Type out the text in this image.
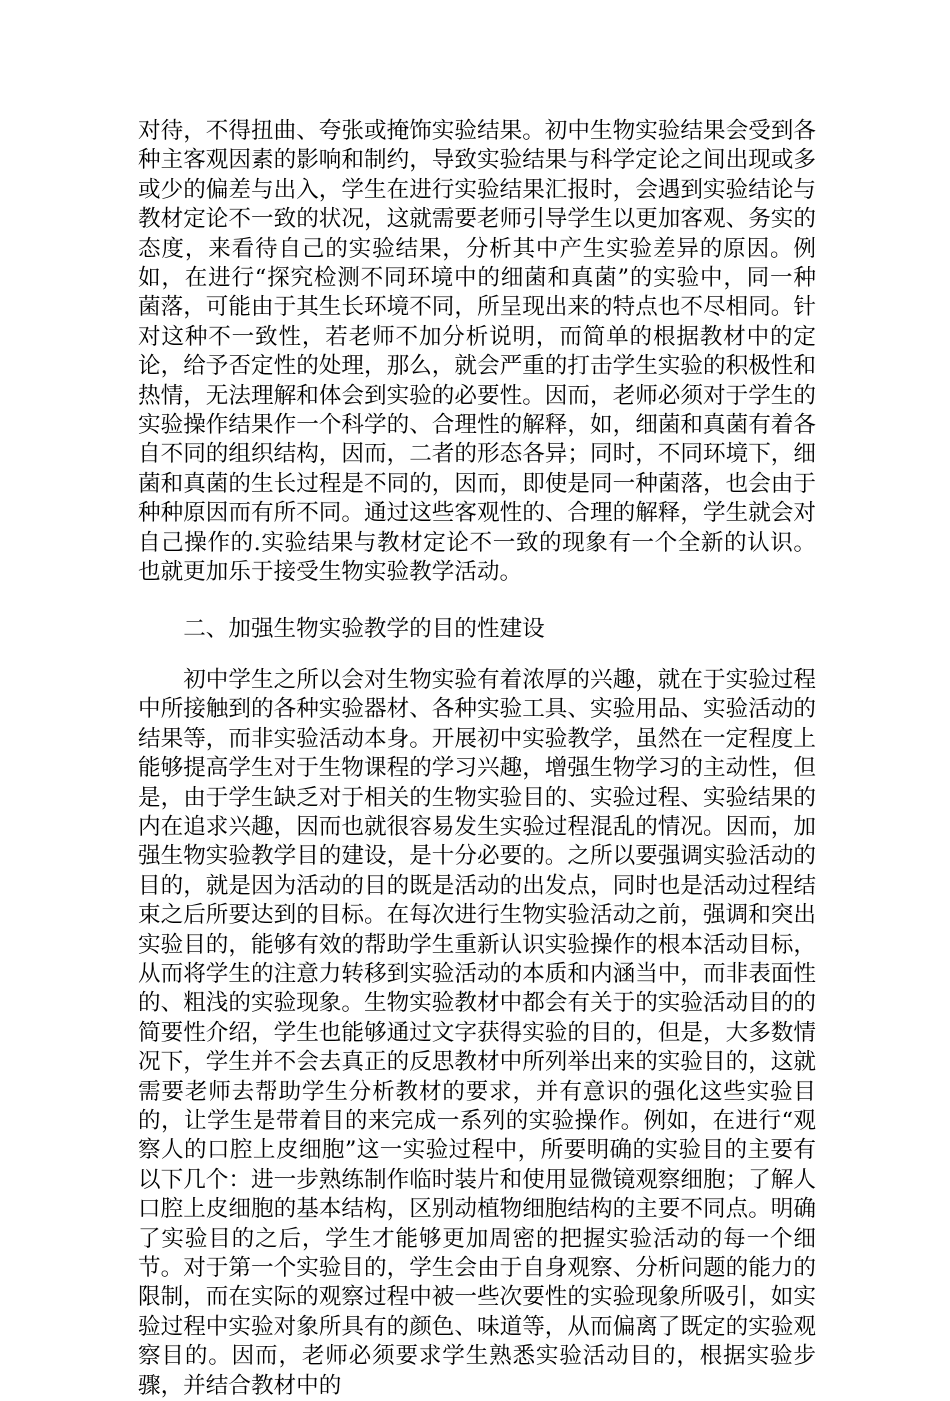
对待，不得扭曲、夸张或掩饰实验结果。初中生物实验结果会受到各种主客观因素的影响和制约，导致实验结果与科学定论之间出现或多或少的偏差与出入，学生在进行实验结果汇报时，会遇到实验结论与教材定论不一致的状况，这就需要老师引导学生以更加客观、务实的态度，来看待自己的实验结果，分析其中产生实验差异的原因。例如，在进行“探究检测不同环境中的细菌和真菌”的实验中，同一种菌落，可能由于其生长环境不同，所呈现出来的特点也不尽相同。针对这种不一致性，若老师不加分析说明，而简单的根据教材中的定论，给予否定性的处理，那么，就会严重的打击学生实验的积极性和热情，无法理解和体会到实验的必要性。因而，老师必须对于学生的实验操作结果作一个科学的、合理性的解释，如，细菌和真菌有着各自不同的组织结构，因而，二者的形态各异；同时，不同环境下，细菌和真菌的生长过程是不同的，因而，即使是同一种菌落，也会由于种种原因而有所不同。通过这些客观性的、合理的解释，学生就会对自己操作的.实验结果与教材定论不一致的现象有一个全新的认识。也就更加乐于接受生物实验教学活动。

二、加强生物实验教学的目的性建设

初中学生之所以会对生物实验有着浓厚的兴趣，就在于实验过程中所接触到的各种实验器材、各种实验工具、实验用品、实验活动的结果等，而非实验活动本身。开展初中实验教学，虽然在一定程度上能够提高学生对于生物课程的学习兴趣，增强生物学习的主动性，但是，由于学生缺乏对于相关的生物实验目的、实验过程、实验结果的内在追求兴趣，因而也就很容易发生实验过程混乱的情况。因而，加强生物实验教学目的建设，是十分必要的。之所以要强调实验活动的目的，就是因为活动的目的既是活动的出发点，同时也是活动过程结束之后所要达到的目标。在每次进行生物实验活动之前，强调和突出实验目的，能够有效的帮助学生重新认识实验操作的根本活动目标，从而将学生的注意力转移到实验活动的本质和内涵当中，而非表面性的、粗浅的实验现象。生物实验教材中都会有关于的实验活动目的的简要性介绍，学生也能够通过文字获得实验的目的，但是，大多数情况下，学生并不会去真正的反思教材中所列举出来的实验目的，这就需要老师去帮助学生分析教材的要求，并有意识的强化这些实验目的，让学生是带着目的来完成一系列的实验操作。例如，在进行“观察人的口腔上皮细胞”这一实验过程中，所要明确的实验目的主要有以下几个：进一步熟练制作临时装片和使用显微镜观察细胞；了解人口腔上皮细胞的基本结构，区别动植物细胞结构的主要不同点。明确了实验目的之后，学生才能够更加周密的把握实验活动的每一个细节。对于第一个实验目的，学生会由于自身观察、分析问题的能力的限制，而在实际的观察过程中被一些次要性的实验现象所吸引，如实验过程中实验对象所具有的颜色、味道等，从而偏离了既定的实验观察目的。因而，老师必须要求学生熟悉实验活动目的，根据实验步骤，并结合教材中的
